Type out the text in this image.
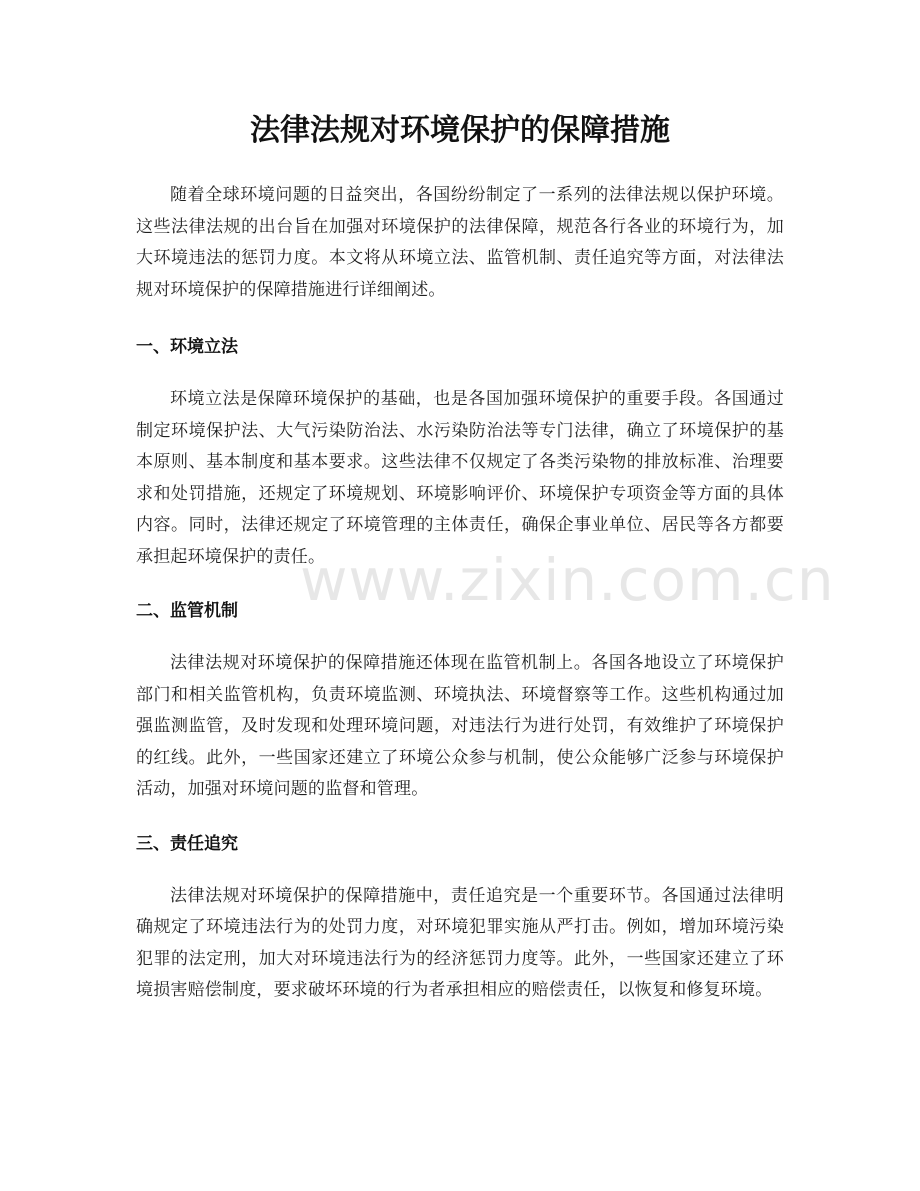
法律法规对环境保护的保障措施

随着全球环境问题的日益突出，各国纷纷制定了一系列的法律法规以保护环境。这些法律法规的出台旨在加强对环境保护的法律保障，规范各行各业的环境行为，加大环境违法的惩罚力度。本文将从环境立法、监管机制、责任追究等方面，对法律法规对环境保护的保障措施进行详细阐述。

一、环境立法

环境立法是保障环境保护的基础，也是各国加强环境保护的重要手段。各国通过制定环境保护法、大气污染防治法、水污染防治法等专门法律，确立了环境保护的基本原则、基本制度和基本要求。这些法律不仅规定了各类污染物的排放标准、治理要求和处罚措施，还规定了环境规划、环境影响评价、环境保护专项资金等方面的具体内容。同时，法律还规定了环境管理的主体责任，确保企事业单位、居民等各方都要承担起环境保护的责任。

二、监管机制

法律法规对环境保护的保障措施还体现在监管机制上。各国各地设立了环境保护部门和相关监管机构，负责环境监测、环境执法、环境督察等工作。这些机构通过加强监测监管，及时发现和处理环境问题，对违法行为进行处罚，有效维护了环境保护的红线。此外，一些国家还建立了环境公众参与机制，使公众能够广泛参与环境保护活动，加强对环境问题的监督和管理。

三、责任追究

法律法规对环境保护的保障措施中，责任追究是一个重要环节。各国通过法律明确规定了环境违法行为的处罚力度，对环境犯罪实施从严打击。例如，增加环境污染犯罪的法定刑，加大对环境违法行为的经济惩罚力度等。此外，一些国家还建立了环境损害赔偿制度，要求破坏环境的行为者承担相应的赔偿责任，以恢复和修复环境。

www.zixin.com.cn
